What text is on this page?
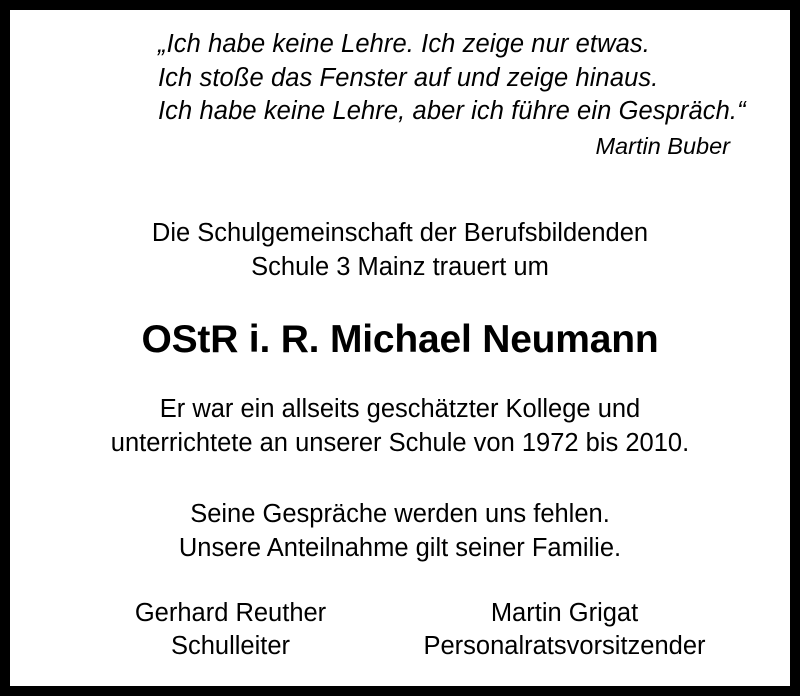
„Ich habe keine Lehre. Ich zeige nur etwas.
Ich stoße das Fenster auf und zeige hinaus.
Ich habe keine Lehre, aber ich führe ein Gespräch.“
Martin Buber
Die Schulgemeinschaft der Berufsbildenden
Schule 3 Mainz trauert um
OStR i. R. Michael Neumann
Er war ein allseits geschätzter Kollege und
unterrichtete an unserer Schule von 1972 bis 2010.
Seine Gespräche werden uns fehlen.
Unsere Anteilnahme gilt seiner Familie.
Gerhard Reuther
Schulleiter
Martin Grigat
Personalratsvorsitzender
